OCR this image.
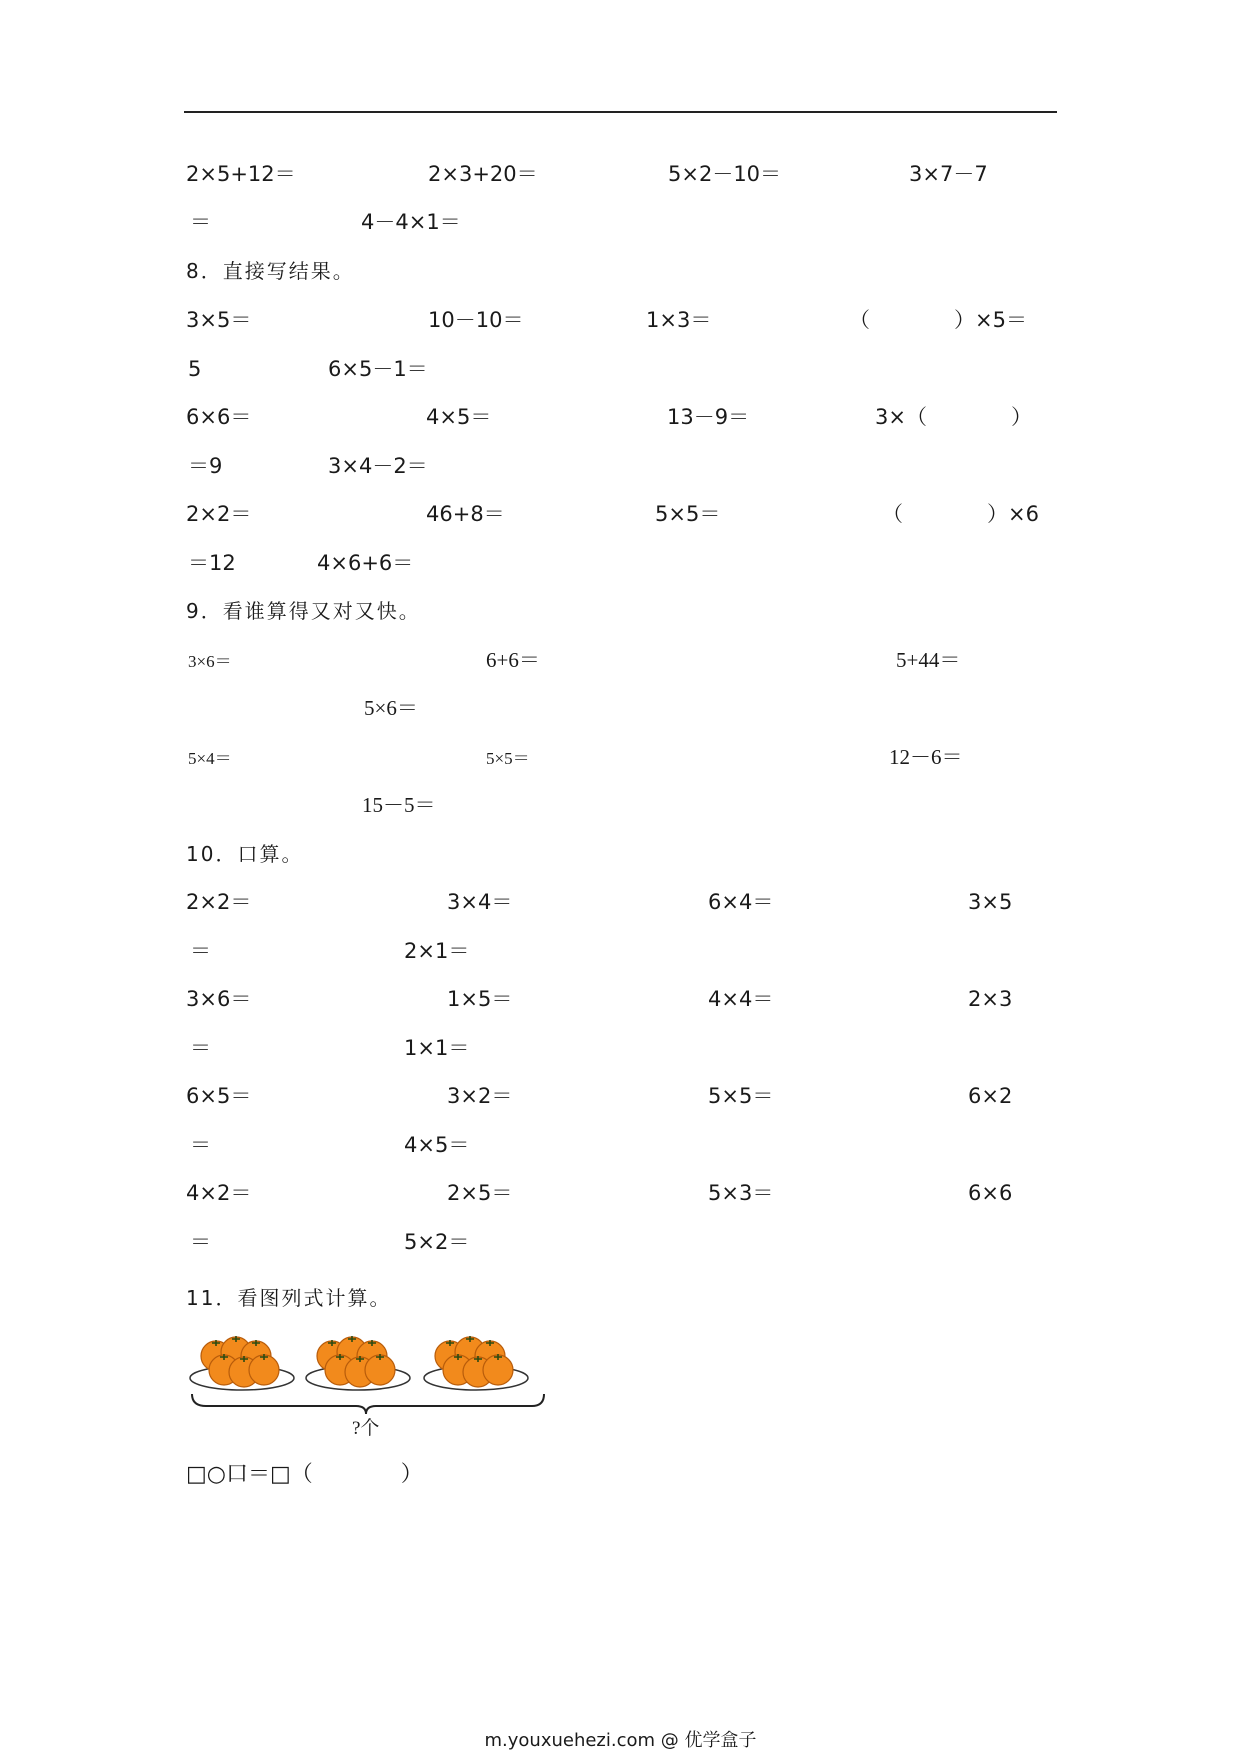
2×5+12＝	2×3+20＝	5×2－10＝	3×7－7
＝	4－4×1＝
8．直接写结果。
3×5＝	10－10＝	1×3＝	（　　　　）×5＝
5	6×5－1＝
6×6＝	4×5＝	13－9＝	3×（　　　　）
＝9	3×4－2＝
2×2＝	46+8＝	5×5＝	（　　　　）×6
＝12	4×6+6＝
9．看谁算得又对又快。
3×6＝	6+6＝	5+44＝
5×6＝
5×4＝	5×5＝	12－6＝
15－5＝
10．口算。
2×2＝	3×4＝	6×4＝	3×5
＝	2×1＝
3×6＝	1×5＝	4×4＝	2×3
＝	1×1＝
6×5＝	3×2＝	5×5＝	6×2
＝	4×5＝
4×2＝	2×5＝	5×3＝	6×6
＝	5×2＝
11．看图列式计算。
?个
□○口＝□（　　　　）
m.youxuehezi.com @ 优学盒子
